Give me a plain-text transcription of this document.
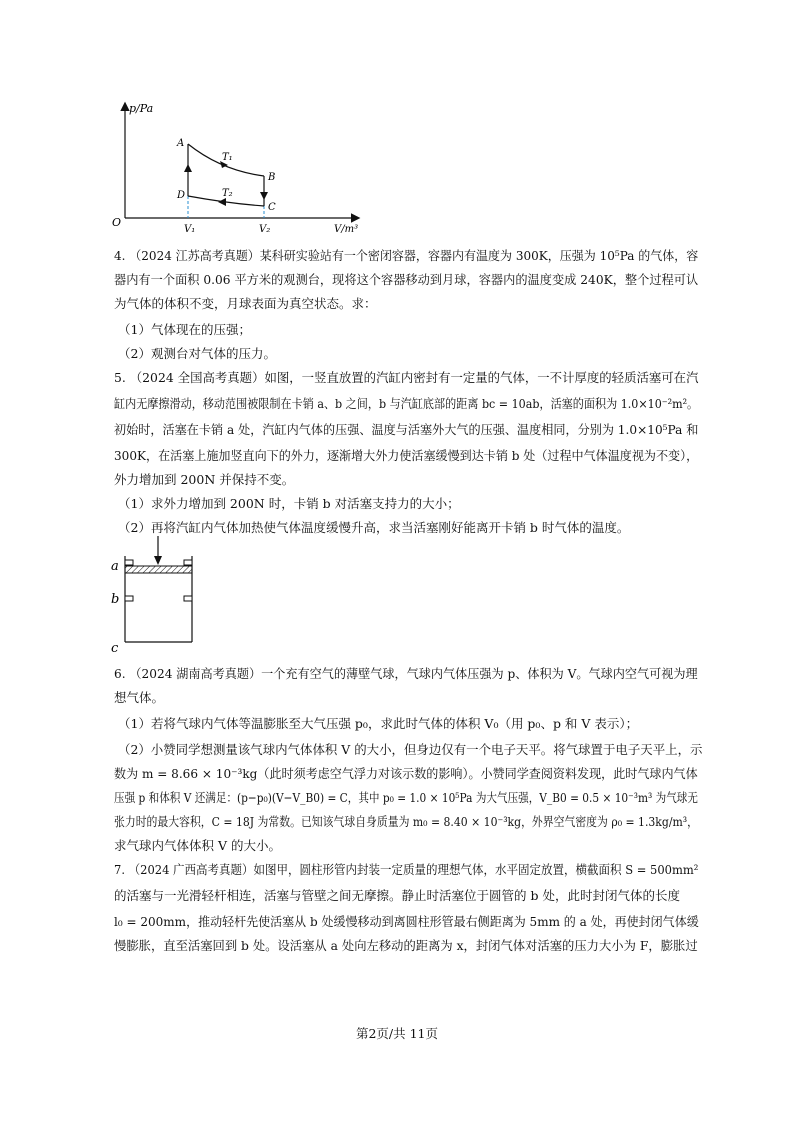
p/Pa
V/m³
O
A
B
C
D
T₁
T₂
V₁	V₂
4. （2024 江苏高考真题）某科研实验站有一个密闭容器，容器内有温度为 300K，压强为 10⁵Pa 的气体，容
器内有一个面积 0.06 平方米的观测台，现将这个容器移动到月球，容器内的温度变成 240K，整个过程可认
为气体的体积不变，月球表面为真空状态。求：
（1）气体现在的压强；
（2）观测台对气体的压力。
5. （2024 全国高考真题）如图，一竖直放置的汽缸内密封有一定量的气体，一不计厚度的轻质活塞可在汽
缸内无摩擦滑动，移动范围被限制在卡销 a、b 之间，b 与汽缸底部的距离 bc = 10ab，活塞的面积为 1.0×10⁻²m²。
初始时，活塞在卡销 a 处，汽缸内气体的压强、温度与活塞外大气的压强、温度相同，分别为 1.0×10⁵Pa 和
300K，在活塞上施加竖直向下的外力，逐渐增大外力使活塞缓慢到达卡销 b 处（过程中气体温度视为不变），
外力增加到 200N 并保持不变。
（1）求外力增加到 200N 时，卡销 b 对活塞支持力的大小；
（2）再将汽缸内气体加热使气体温度缓慢升高，求当活塞刚好能离开卡销 b 时气体的温度。
a
b
c
6. （2024 湖南高考真题）一个充有空气的薄壁气球，气球内气体压强为 p、体积为 V。气球内空气可视为理
想气体。
（1）若将气球内气体等温膨胀至大气压强 p₀，求此时气体的体积 V₀（用 p₀、p 和 V 表示）；
（2）小赞同学想测量该气球内气体体积 V 的大小，但身边仅有一个电子天平。将气球置于电子天平上，示
数为 m = 8.66 × 10⁻³kg（此时须考虑空气浮力对该示数的影响）。小赞同学查阅资料发现，此时气球内气体
压强 p 和体积 V 还满足：(p−p₀)(V−V_B0) = C，其中 p₀ = 1.0 × 10⁵Pa 为大气压强，V_B0 = 0.5 × 10⁻³m³ 为气球无
张力时的最大容积，C = 18J 为常数。已知该气球自身质量为 m₀ = 8.40 × 10⁻³kg，外界空气密度为 ρ₀ = 1.3kg/m³，
求气球内气体体积 V 的大小。
7. （2024 广西高考真题）如图甲，圆柱形管内封装一定质量的理想气体，水平固定放置，横截面积 S = 500mm²
的活塞与一光滑轻杆相连，活塞与管壁之间无摩擦。静止时活塞位于圆管的 b 处，此时封闭气体的长度
l₀ = 200mm，推动轻杆先使活塞从 b 处缓慢移动到离圆柱形管最右侧距离为 5mm 的 a 处，再使封闭气体缓
慢膨胀，直至活塞回到 b 处。设活塞从 a 处向左移动的距离为 x，封闭气体对活塞的压力大小为 F，膨胀过
第2页/共 11页
